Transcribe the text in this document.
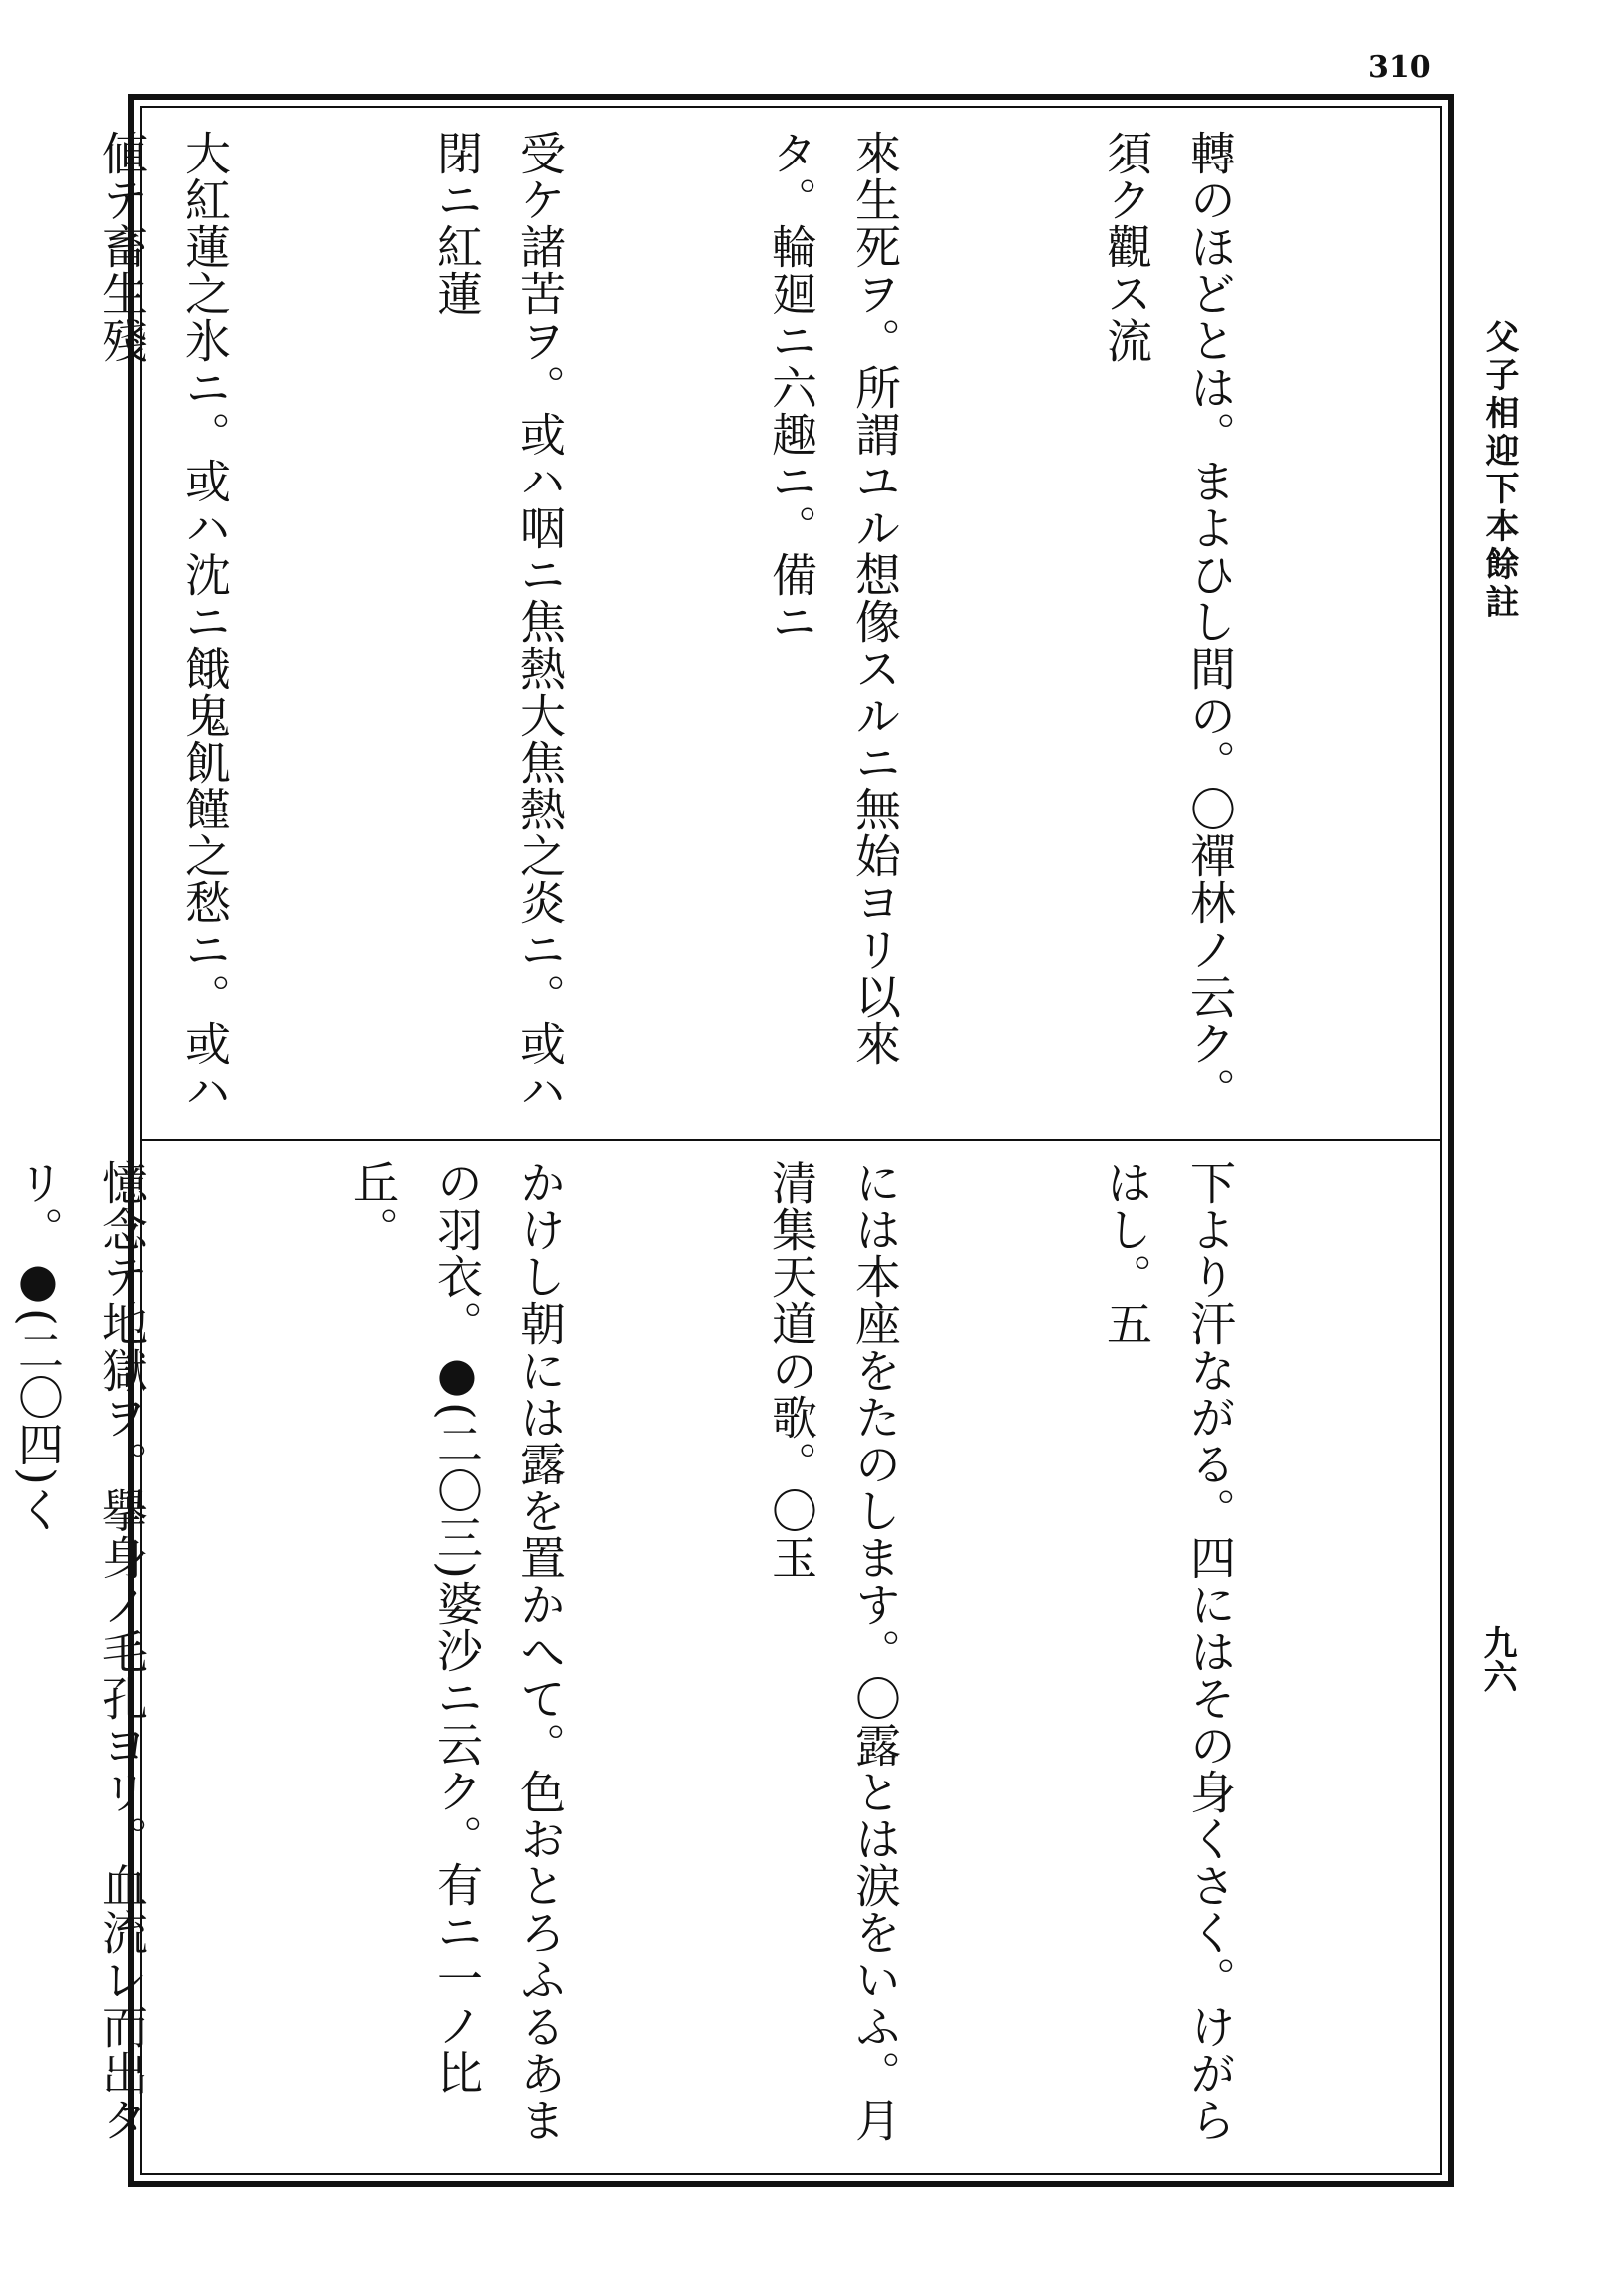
310

轉のほどとは。まよひし間の。〇禪林ノ云ク。須ク觀ス流

來生死ヲ。所謂ユル想像スルニ無始ヨリ以來タ。輪廻ニ六趣ニ。備ニ

受ケ諸苦ヲ。或ハ咽ニ焦熱大焦熱之炎ニ。或ハ閉ニ紅蓮

大紅蓮之氷ニ。或ハ沈ニ餓鬼飢饉之愁ニ。或ハ値テ畜生殘

下より汗ながる。四にはその身くさく。けがらはし。五

には本座をたのします。〇露とは涙をいふ。月清集天道の歌。〇玉

かけし朝には露を置かへて。色おとろふるあまの羽衣。●(二〇三)婆沙ニ云ク。有ニ一ノ比丘。

憶念テ地獄ヲ。擧身ノ毛孔ヨリ。血流レ而出タリ。●(二〇四)く

父子相迎下本餘註
九六
